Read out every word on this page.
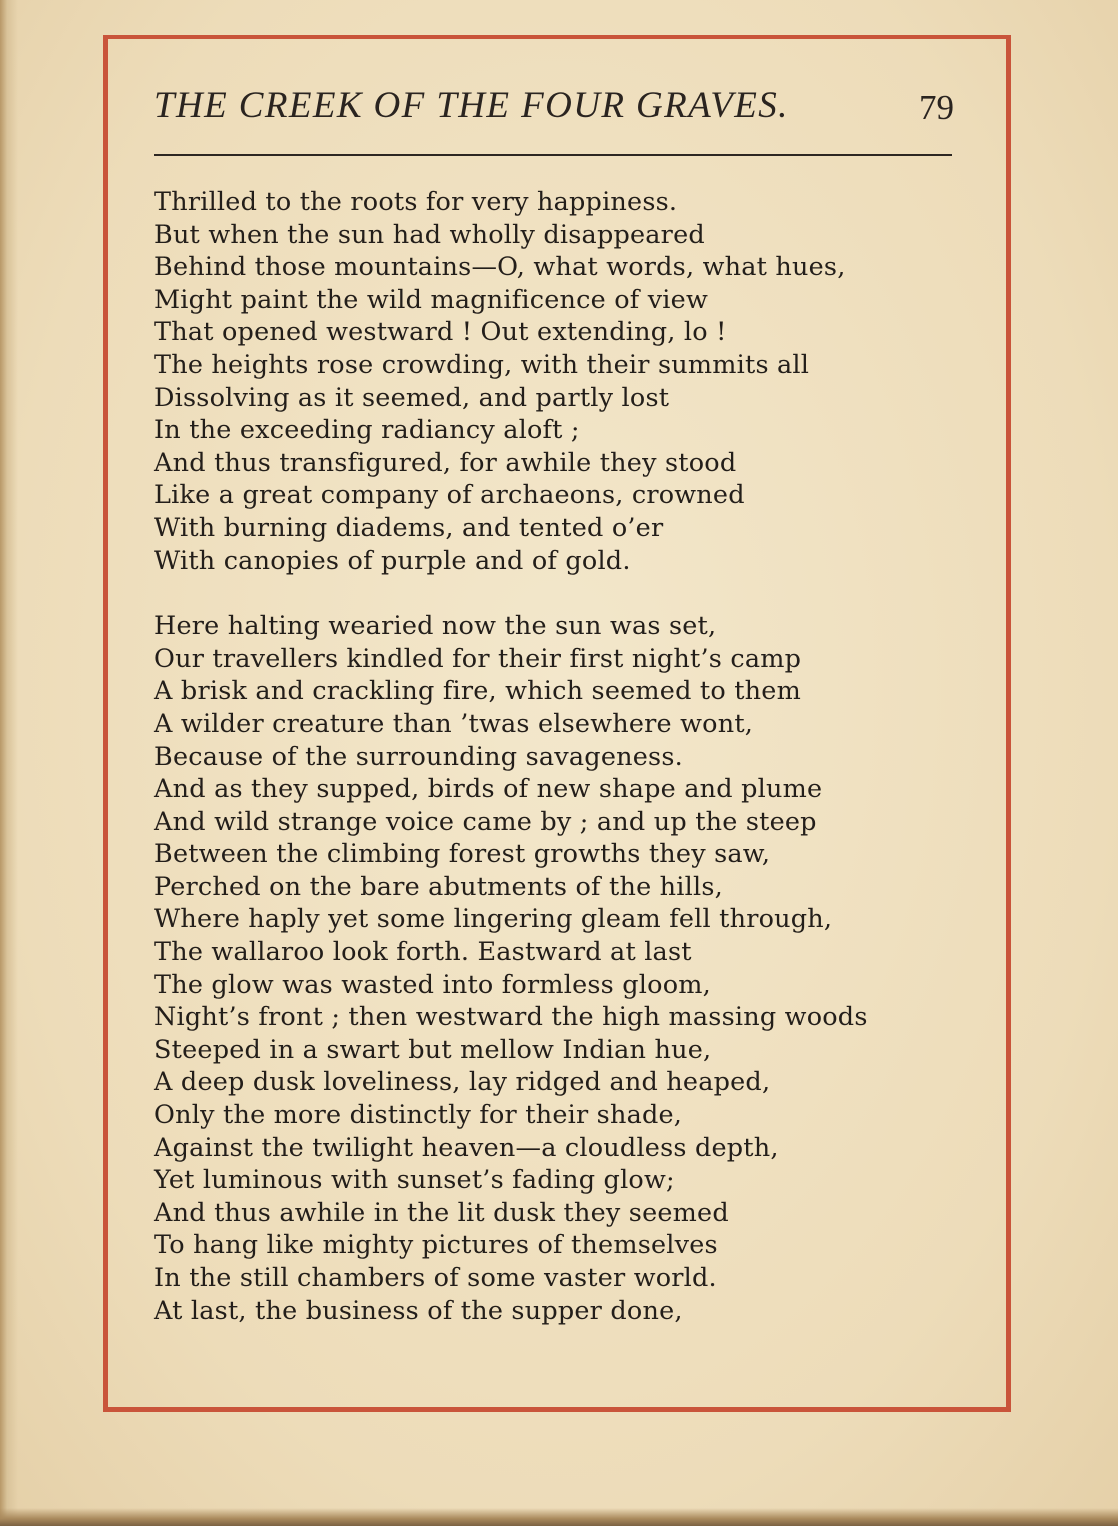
THE CREEK OF THE FOUR GRAVES.	79

Thrilled to the roots for very happiness.
But when the sun had wholly disappeared
Behind those mountains—O, what words, what hues,
Might paint the wild magnificence of view
That opened westward ! Out extending, lo !
The heights rose crowding, with their summits all
Dissolving as it seemed, and partly lost
In the exceeding radiancy aloft ;
And thus transfigured, for awhile they stood
Like a great company of archaeons, crowned
With burning diadems, and tented o’er
With canopies of purple and of gold.

Here halting wearied now the sun was set,
Our travellers kindled for their first night’s camp
A brisk and crackling fire, which seemed to them
A wilder creature than ’twas elsewhere wont,
Because of the surrounding savageness.
And as they supped, birds of new shape and plume
And wild strange voice came by ; and up the steep
Between the climbing forest growths they saw,
Perched on the bare abutments of the hills,
Where haply yet some lingering gleam fell through,
The wallaroo look forth. Eastward at last
The glow was wasted into formless gloom,
Night’s front ; then westward the high massing woods
Steeped in a swart but mellow Indian hue,
A deep dusk loveliness, lay ridged and heaped,
Only the more distinctly for their shade,
Against the twilight heaven—a cloudless depth,
Yet luminous with sunset’s fading glow;
And thus awhile in the lit dusk they seemed
To hang like mighty pictures of themselves
In the still chambers of some vaster world.
At last, the business of the supper done,
